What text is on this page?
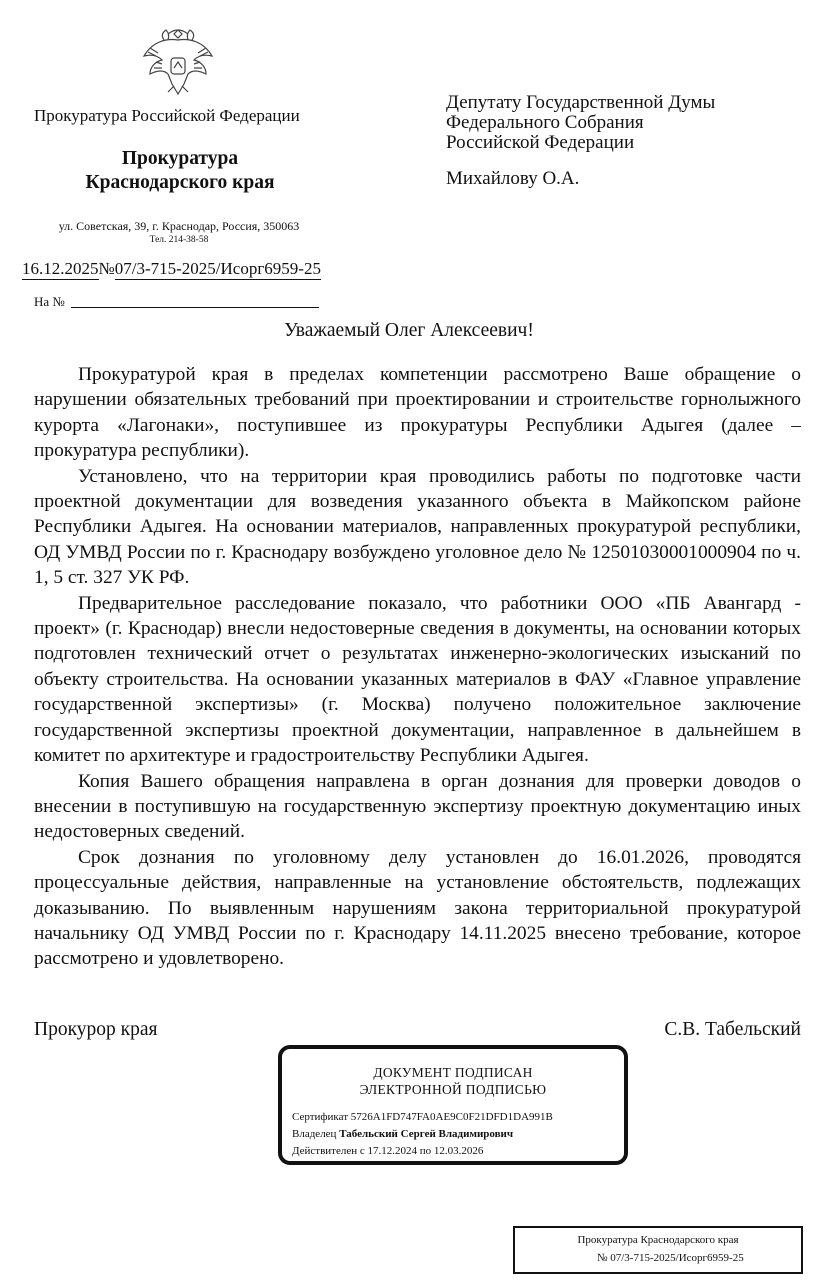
Прокуратура Российской Федерации
Прокуратура
Краснодарского края
ул. Советская, 39, г. Краснодар, Россия, 350063
Тел. 214-38-58
16.12.2025№07/3-715-2025/Исорг6959-25
На №
Депутату Государственной Думы
Федерального Собрания
Российской Федерации
Михайлову О.А.
Уважаемый Олег Алексеевич!

Прокуратурой края в пределах компетенции рассмотрено Ваше обращение о нарушении обязательных требований при проектировании и строительстве горнолыжного курорта «Лагонаки», поступившее из прокуратуры Республики Адыгея (далее – прокуратура республики).

Установлено, что на территории края проводились работы по подготовке части проектной документации для возведения указанного объекта в Майкопском районе Республики Адыгея. На основании материалов, направленных прокуратурой республики, ОД УМВД России по г. Краснодару возбуждено уголовное дело № 12501030001000904 по ч. 1, 5 ст. 327 УК РФ.

Предварительное расследование показало, что работники ООО «ПБ Авангард - проект» (г. Краснодар) внесли недостоверные сведения в документы, на основании которых подготовлен технический отчет о результатах инженерно-экологических изысканий по объекту строительства. На основании указанных материалов в ФАУ «Главное управление государственной экспертизы» (г. Москва) получено положительное заключение государственной экспертизы проектной документации, направленное в дальнейшем в комитет по архитектуре и градостроительству Республики Адыгея.

Копия Вашего обращения направлена в орган дознания для проверки доводов о внесении в поступившую на государственную экспертизу проектную документацию иных недостоверных сведений.

Срок дознания по уголовному делу установлен до 16.01.2026, проводятся процессуальные действия, направленные на установление обстоятельств, подлежащих доказыванию. По выявленным нарушениям закона территориальной прокуратурой начальнику ОД УМВД России по г. Краснодару 14.11.2025 внесено требование, которое рассмотрено и удовлетворено.

Прокурор края	С.В. Табельский
ДОКУМЕНТ ПОДПИСАН
ЭЛЕКТРОННОЙ ПОДПИСЬЮ
Сертификат 5726A1FD747FA0AE9C0F21DFD1DA991B
Владелец Табельский Сергей Владимирович
Действителен с 17.12.2024 по 12.03.2026
Прокуратура Краснодарского края
№ 07/3-715-2025/Исорг6959-25
